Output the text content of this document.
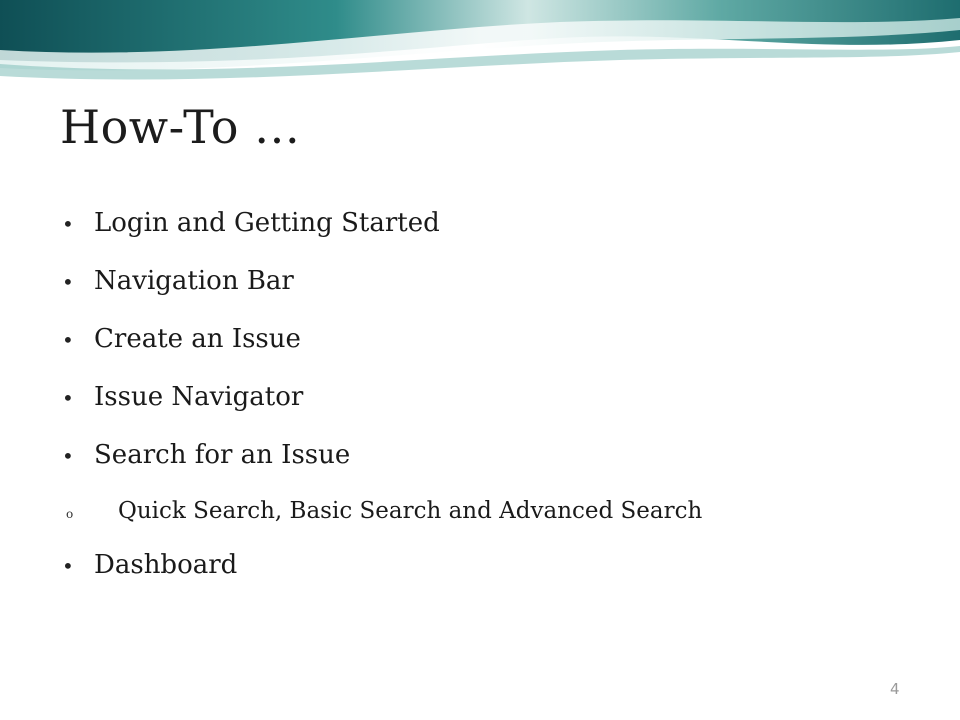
How-To …
• Login and Getting Started
• Navigation Bar
• Create an Issue
• Issue Navigator
• Search for an Issue
o Quick Search, Basic Search and Advanced Search
• Dashboard
4
